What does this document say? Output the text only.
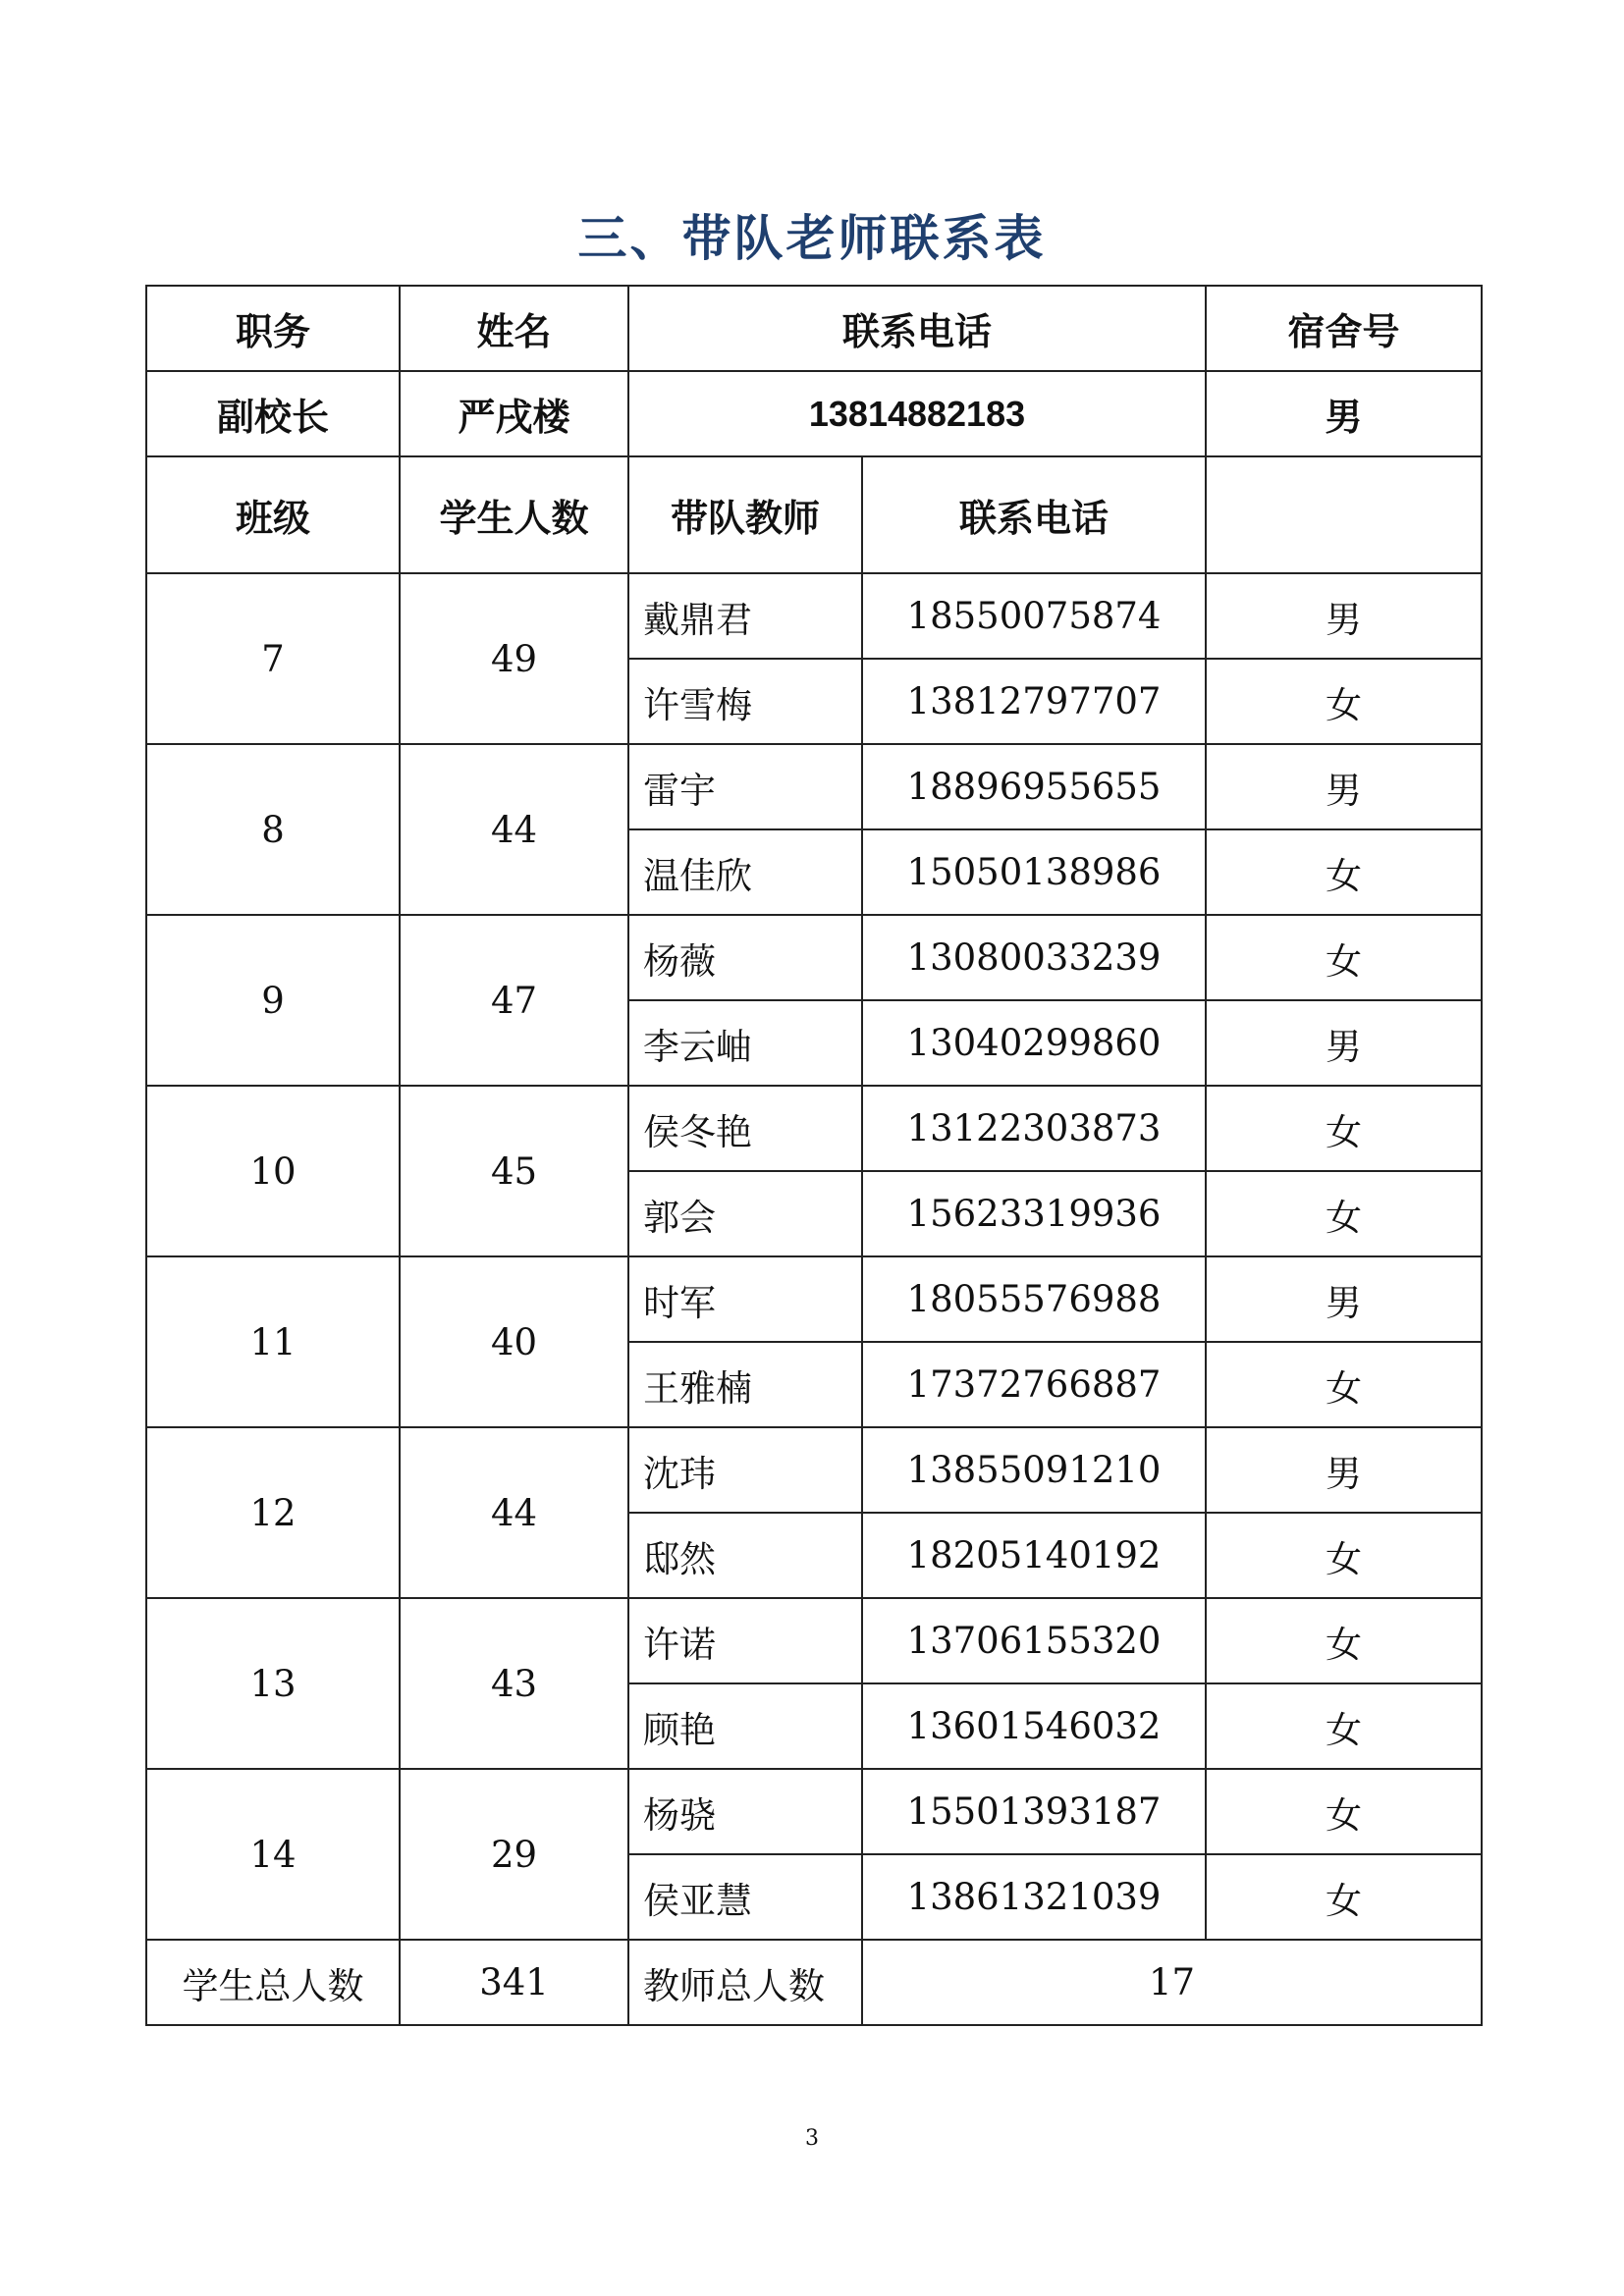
三、带队老师联系表
职务	姓名	联系电话		宿舍号
副校长	严戌楼	13814882183		男
班级	学生人数	带队教师	联系电话	
7	49	戴鼎君	18550075874	男
		许雪梅	13812797707	女
8	44	雷宇	18896955655	男
		温佳欣	15050138986	女
9	47	杨薇	13080033239	女
		李云岫	13040299860	男
10	45	侯冬艳	13122303873	女
		郭会	15623319936	女
11	40	时军	18055576988	男
		王雅楠	17372766887	女
12	44	沈玮	13855091210	男
		邸然	18205140192	女
13	43	许诺	13706155320	女
		顾艳	13601546032	女
14	29	杨骁	15501393187	女
		侯亚慧	13861321039	女
学生总人数	341	教师总人数	17	
3
